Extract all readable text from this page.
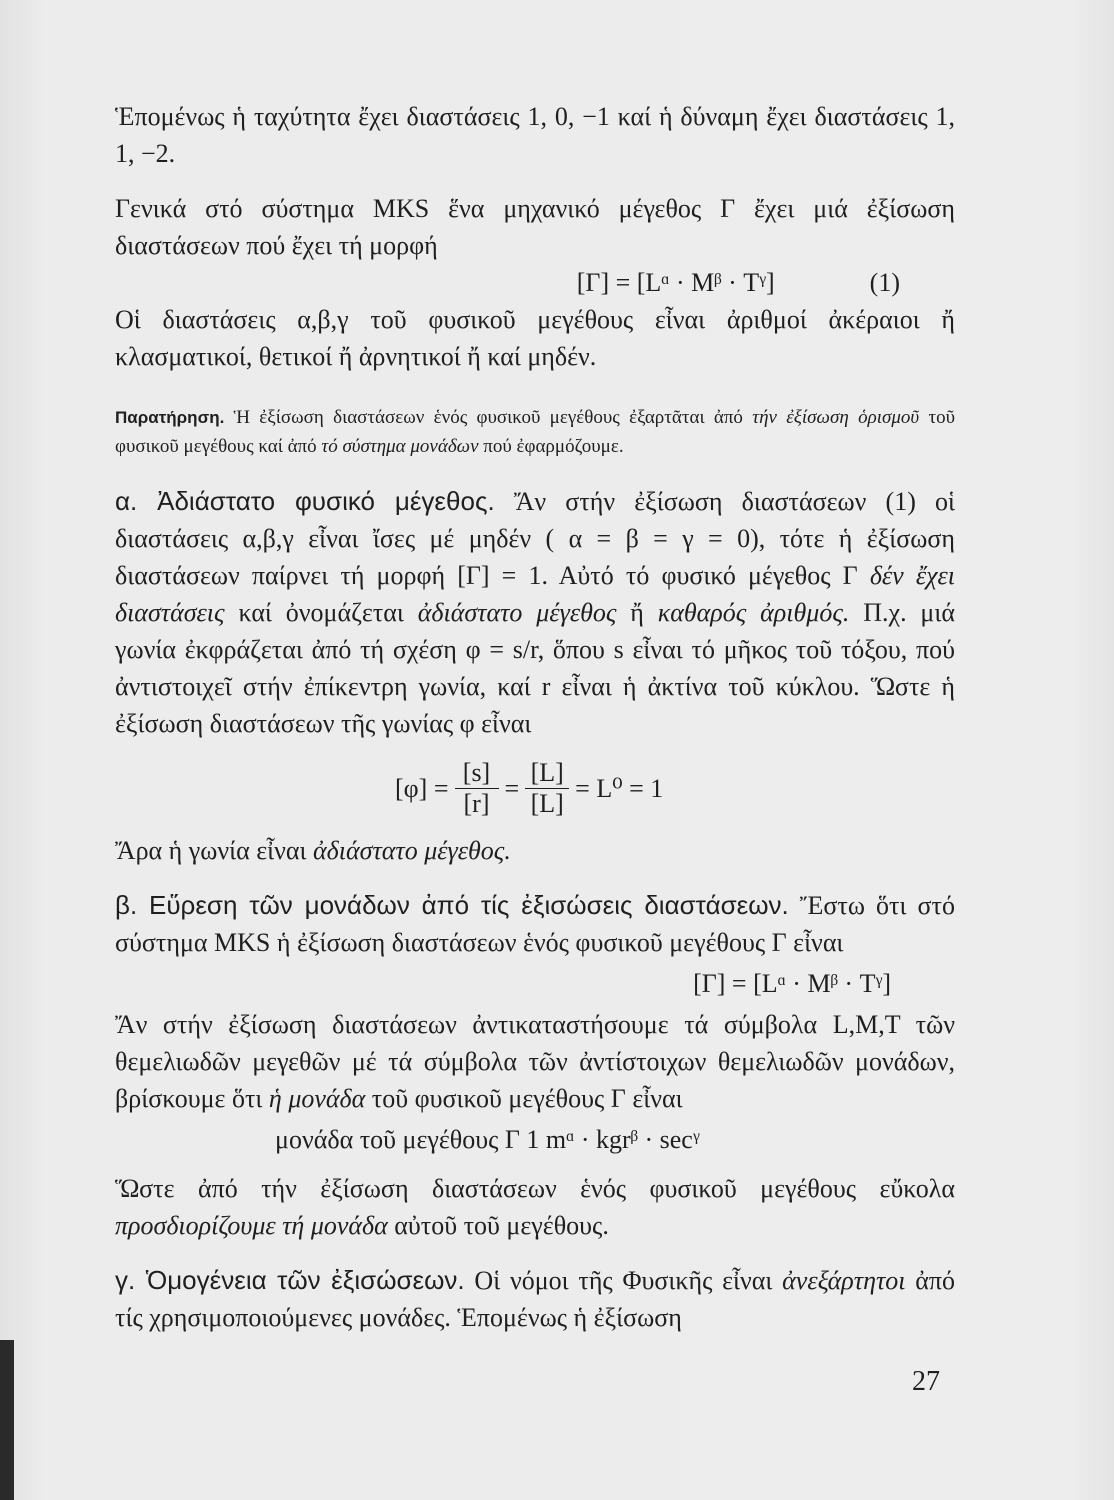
Ἑπομένως ἡ ταχύτητα ἔχει διαστάσεις 1, 0, −1 καί ἡ δύναμη ἔχει διαστάσεις 1, 1, −2.

Γενικά στό σύστημα MKS ἕνα μηχανικό μέγεθος Γ ἔχει μιά ἐξίσωση διαστάσεων πού ἔχει τή μορφή

[Γ] = [Lᵅ · Mᵝ · Tᵞ]	(1)

Οἱ διαστάσεις α,β,γ τοῦ φυσικοῦ μεγέθους εἶναι ἀριθμοί ἀκέραιοι ἤ κλασματικοί, θετικοί ἤ ἀρνητικοί ἤ καί μηδέν.

Παρατήρηση. Ἡ ἐξίσωση διαστάσεων ἑνός φυσικοῦ μεγέθους ἐξαρτᾶται ἀπό τήν ἐξίσωση ὁρισμοῦ τοῦ φυσικοῦ μεγέθους καί ἀπό τό σύστημα μονάδων πού ἐφαρμόζουμε.

α. Ἀδιάστατο φυσικό μέγεθος. Ἄν στήν ἐξίσωση διαστάσεων (1) οἱ διαστάσεις α,β,γ εἶναι ἴσες μέ μηδέν ( α = β = γ = 0), τότε ἡ ἐξίσωση διαστάσεων παίρνει τή μορφή [Γ] = 1. Αὐτό τό φυσικό μέγεθος Γ δέν ἔχει διαστάσεις καί ὀνομάζεται ἀδιάστατο μέγεθος ἤ καθαρός ἀριθμός. Π.χ. μιά γωνία ἐκφράζεται ἀπό τή σχέση φ = s/r, ὅπου s εἶναι τό μῆκος τοῦ τόξου, πού ἀντιστοιχεῖ στήν ἐπίκεντρη γωνία, καί r εἶναι ἡ ἀκτίνα τοῦ κύκλου. Ὥστε ἡ ἐξίσωση διαστάσεων τῆς γωνίας φ εἶναι

$[\varphi] = \frac{[s]}{[r]} = \frac{[L]}{[L]} = L^0 = 1$

Ἄρα ἡ γωνία εἶναι ἀδιάστατο μέγεθος.

β. Εὕρεση τῶν μονάδων ἀπό τίς ἐξισώσεις διαστάσεων. Ἔστω ὅτι στό σύστημα MKS ἡ ἐξίσωση διαστάσεων ἑνός φυσικοῦ μεγέθους Γ εἶναι

[Γ] = [Lᵅ · Mᵝ · Tᵞ]

Ἄν στήν ἐξίσωση διαστάσεων ἀντικαταστήσουμε τά σύμβολα L,M,T τῶν θεμελιωδῶν μεγεθῶν μέ τά σύμβολα τῶν ἀντίστοιχων θεμελιωδῶν μονάδων, βρίσκουμε ὅτι ἡ μονάδα τοῦ φυσικοῦ μεγέθους Γ εἶναι

μονάδα τοῦ μεγέθους Γ 1 mᵅ · kgrᵝ · secᵞ

Ὥστε ἀπό τήν ἐξίσωση διαστάσεων ἑνός φυσικοῦ μεγέθους εὔκολα προσδιορίζουμε τή μονάδα αὐτοῦ τοῦ μεγέθους.

γ. Ὁμογένεια τῶν ἐξισώσεων. Οἱ νόμοι τῆς Φυσικῆς εἶναι ἀνεξάρτητοι ἀπό τίς χρησιμοποιούμενες μονάδες. Ἑπομένως ἡ ἐξίσωση

27
